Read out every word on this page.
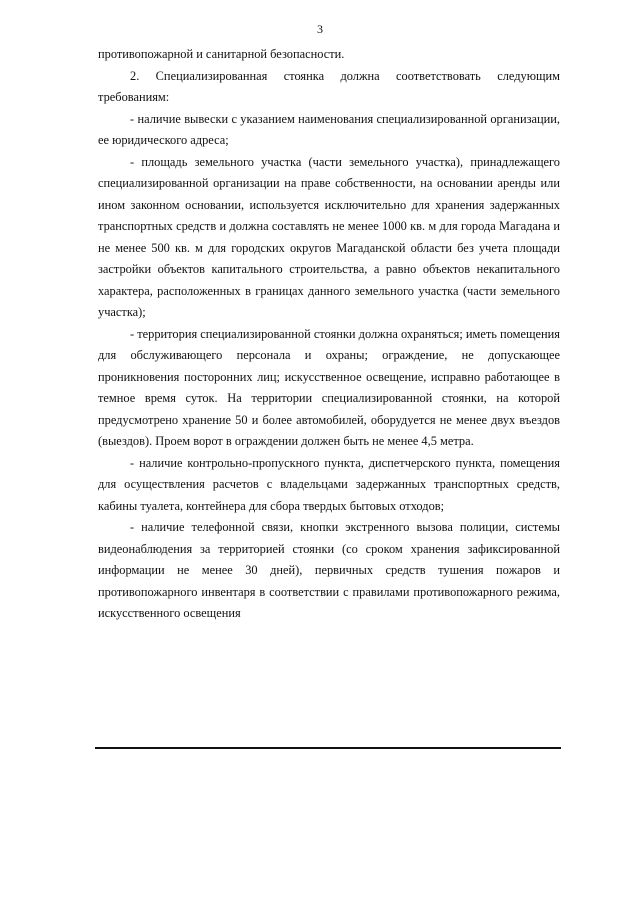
3

противопожарной и санитарной безопасности.

2. Специализированная стоянка должна соответствовать следующим требованиям:

- наличие вывески с указанием наименования специализированной организации, ее юридического адреса;

- площадь земельного участка (части земельного участка), принадлежащего специализированной организации на праве собственности, на основании аренды или ином законном основании, используется исключительно для хранения задержанных транспортных средств и должна составлять не менее 1000 кв. м для города Магадана и не менее 500 кв. м для городских округов Магаданской области без учета площади застройки объектов капитального строительства, а равно объектов некапитального характера, расположенных в границах данного земельного участка (части земельного участка);

- территория специализированной стоянки должна охраняться; иметь помещения для обслуживающего персонала и охраны; ограждение, не допускающее проникновения посторонних лиц; искусственное освещение, исправно работающее в темное время суток. На территории специализированной стоянки, на которой предусмотрено хранение 50 и более автомобилей, оборудуется не менее двух въездов (выездов). Проем ворот в ограждении должен быть не менее 4,5 метра.

- наличие контрольно-пропускного пункта, диспетчерского пункта, помещения для осуществления расчетов с владельцами задержанных транспортных средств, кабины туалета, контейнера для сбора твердых бытовых отходов;

- наличие телефонной связи, кнопки экстренного вызова полиции, системы видеонаблюдения за территорией стоянки (со сроком хранения зафиксированной информации не менее 30 дней), первичных средств тушения пожаров и противопожарного инвентаря в соответствии с правилами противопожарного режима, искусственного освещения
